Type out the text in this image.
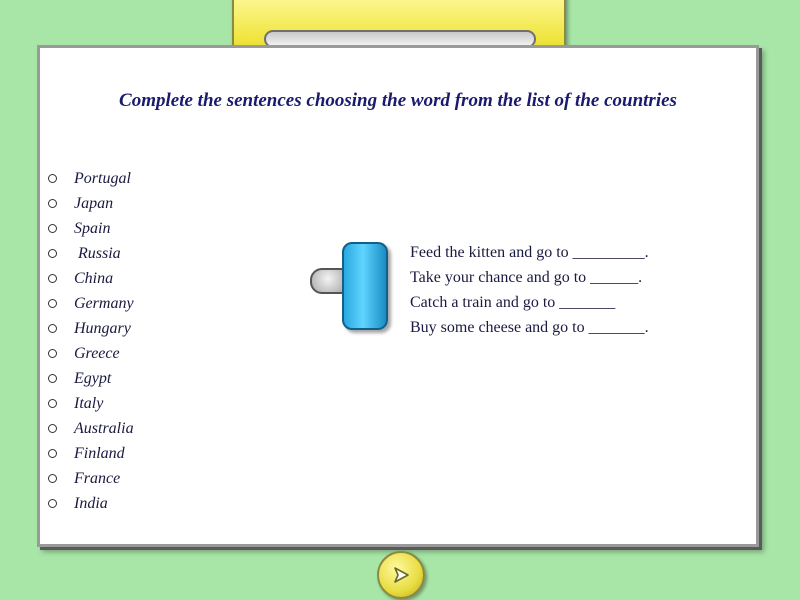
Complete the sentences choosing the word from the list of the countries
Portugal
Japan
Spain
Russia
China
Germany
Hungary
Greece
Egypt
Italy
Australia
Finland
France
India
Feed the kitten and go to _________.
Take your chance and go to ______.
Catch a train and go to _______
Buy some cheese and go to _______.
